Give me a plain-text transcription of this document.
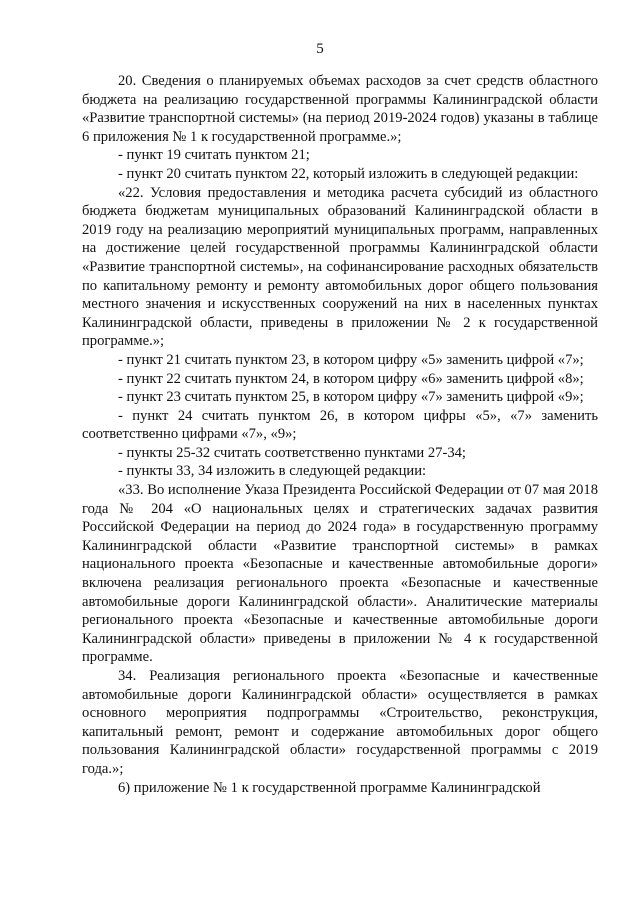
5

20. Сведения о планируемых объемах расходов за счет средств областного бюджета на реализацию государственной программы Калининградской области «Развитие транспортной системы» (на период 2019-2024 годов) указаны в таблице 6 приложения № 1 к государственной программе.»;

- пункт 19 считать пунктом 21;

- пункт 20 считать пунктом 22, который изложить в следующей редакции:

«22. Условия предоставления и методика расчета субсидий из областного бюджета бюджетам муниципальных образований Калининградской области в 2019 году на реализацию мероприятий муниципальных программ, направленных на достижение целей государственной программы Калининградской области «Развитие транспортной системы», на софинансирование расходных обязательств по капитальному ремонту и ремонту автомобильных дорог общего пользования местного значения и искусственных сооружений на них в населенных пунктах Калининградской области, приведены в приложении № 2 к государственной программе.»;

- пункт 21 считать пунктом 23, в котором цифру «5» заменить цифрой «7»;

- пункт 22 считать пунктом 24, в котором цифру «6» заменить цифрой «8»;

- пункт 23 считать пунктом 25, в котором цифру «7» заменить цифрой «9»;

- пункт 24 считать пунктом 26, в котором цифры «5», «7» заменить соответственно цифрами «7», «9»;

- пункты 25-32 считать соответственно пунктами 27-34;

- пункты 33, 34 изложить в следующей редакции:

«33. Во исполнение Указа Президента Российской Федерации от 07 мая 2018 года № 204 «О национальных целях и стратегических задачах развития Российской Федерации на период до 2024 года» в государственную программу Калининградской области «Развитие транспортной системы» в рамках национального проекта «Безопасные и качественные автомобильные дороги» включена реализация регионального проекта «Безопасные и качественные автомобильные дороги Калининградской области». Аналитические материалы регионального проекта «Безопасные и качественные автомобильные дороги Калининградской области» приведены в приложении № 4 к государственной программе.

34. Реализация регионального проекта «Безопасные и качественные автомобильные дороги Калининградской области» осуществляется в рамках основного мероприятия подпрограммы «Строительство, реконструкция, капитальный ремонт, ремонт и содержание автомобильных дорог общего пользования Калининградской области» государственной программы с 2019 года.»;

6) приложение № 1 к государственной программе Калининградской
